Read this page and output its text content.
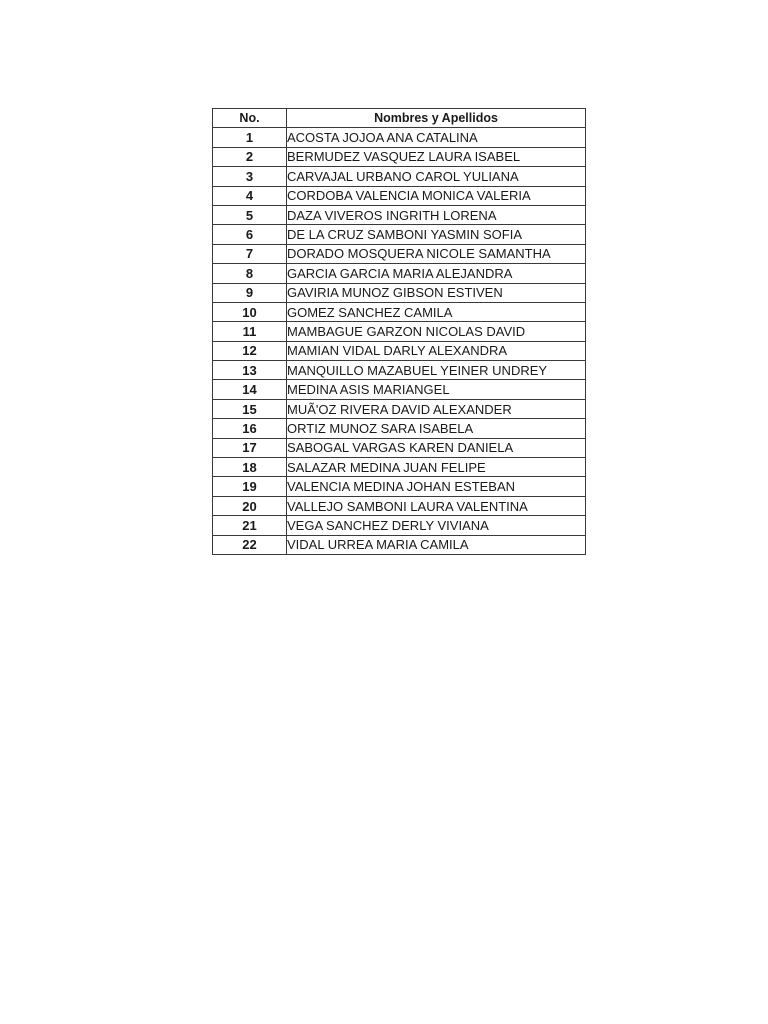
No.	Nombres y Apellidos
1	ACOSTA JOJOA ANA CATALINA
2	BERMUDEZ VASQUEZ LAURA ISABEL
3	CARVAJAL URBANO CAROL YULIANA
4	CORDOBA VALENCIA MONICA VALERIA
5	DAZA VIVEROS INGRITH LORENA
6	DE LA CRUZ SAMBONI YASMIN SOFIA
7	DORADO MOSQUERA NICOLE SAMANTHA
8	GARCIA GARCIA MARIA ALEJANDRA
9	GAVIRIA MUNOZ GIBSON ESTIVEN
10	GOMEZ SANCHEZ CAMILA
11	MAMBAGUE GARZON NICOLAS DAVID
12	MAMIAN VIDAL DARLY ALEXANDRA
13	MANQUILLO MAZABUEL YEINER UNDREY
14	MEDINA ASIS MARIANGEL
15	MUÃ'OZ RIVERA DAVID ALEXANDER
16	ORTIZ MUNOZ SARA ISABELA
17	SABOGAL VARGAS KAREN DANIELA
18	SALAZAR MEDINA JUAN FELIPE
19	VALENCIA MEDINA JOHAN ESTEBAN
20	VALLEJO SAMBONI LAURA VALENTINA
21	VEGA SANCHEZ DERLY VIVIANA
22	VIDAL URREA MARIA CAMILA
